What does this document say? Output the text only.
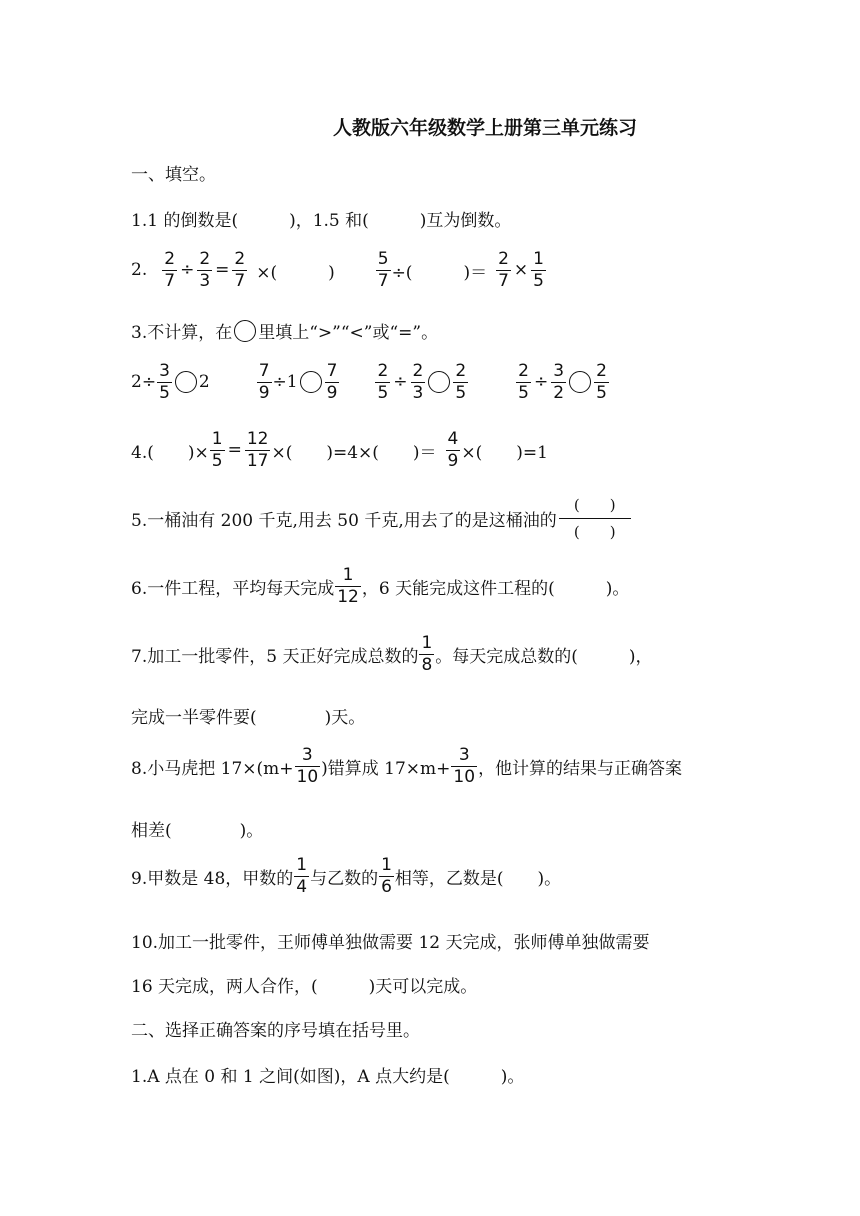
人教版六年级数学上册第三单元练习
一、填空。
1.1 的倒数是(　　　)，1.5 和(　　　)互为倒数。
2. $\frac{2}{7} \div \frac{2}{3} = \frac{2}{7}$ ×(　　　) $\frac{5}{7}$ ÷(　　　)＝ $\frac{2}{7} \times \frac{1}{5}$
3.不计算，在 里填上“>”“<”或“=”。
$2\div \frac{3}{5} 2$	$\frac{7}{9} \div 1 \frac{7}{9} \frac{2}{5} \div \frac{2}{3} \frac{2}{5}$	$\frac{2}{5} \div \frac{3}{2} \frac{2}{5}$
4.(　　)× $\frac{1}{5} = \frac{12}{17}$ ×(　　)=4×(　　)＝ $\frac{4}{9}$ ×(　　)=1
5.一桶油有 200 千克,用去 50 千克,用去了的是这桶油的 $\frac{( )}{( )}$
6.一件工程，平均每天完成 $\frac{1}{12}$ ，6 天能完成这件工程的(　　　)。
7.加工一批零件，5 天正好完成总数的 $\frac{1}{8}$ 。每天完成总数的(　　　)，
完成一半零件要(　　　　)天。
8.小马虎把 $17\times(m+ \frac{3}{10}$ )错算成 $17\times m+ \frac{3}{10}$ ，他计算的结果与正确答案
相差(　　　　)。
9.甲数是 48，甲数的 $\frac{1}{4}$ 与乙数的 $\frac{1}{6}$ 相等，乙数是(　　)。
10.加工一批零件，王师傅单独做需要 12 天完成，张师傅单独做需要
16 天完成，两人合作，(　　　)天可以完成。
二、选择正确答案的序号填在括号里。
1.A 点在 0 和 1 之间(如图)，A 点大约是(　　　)。
